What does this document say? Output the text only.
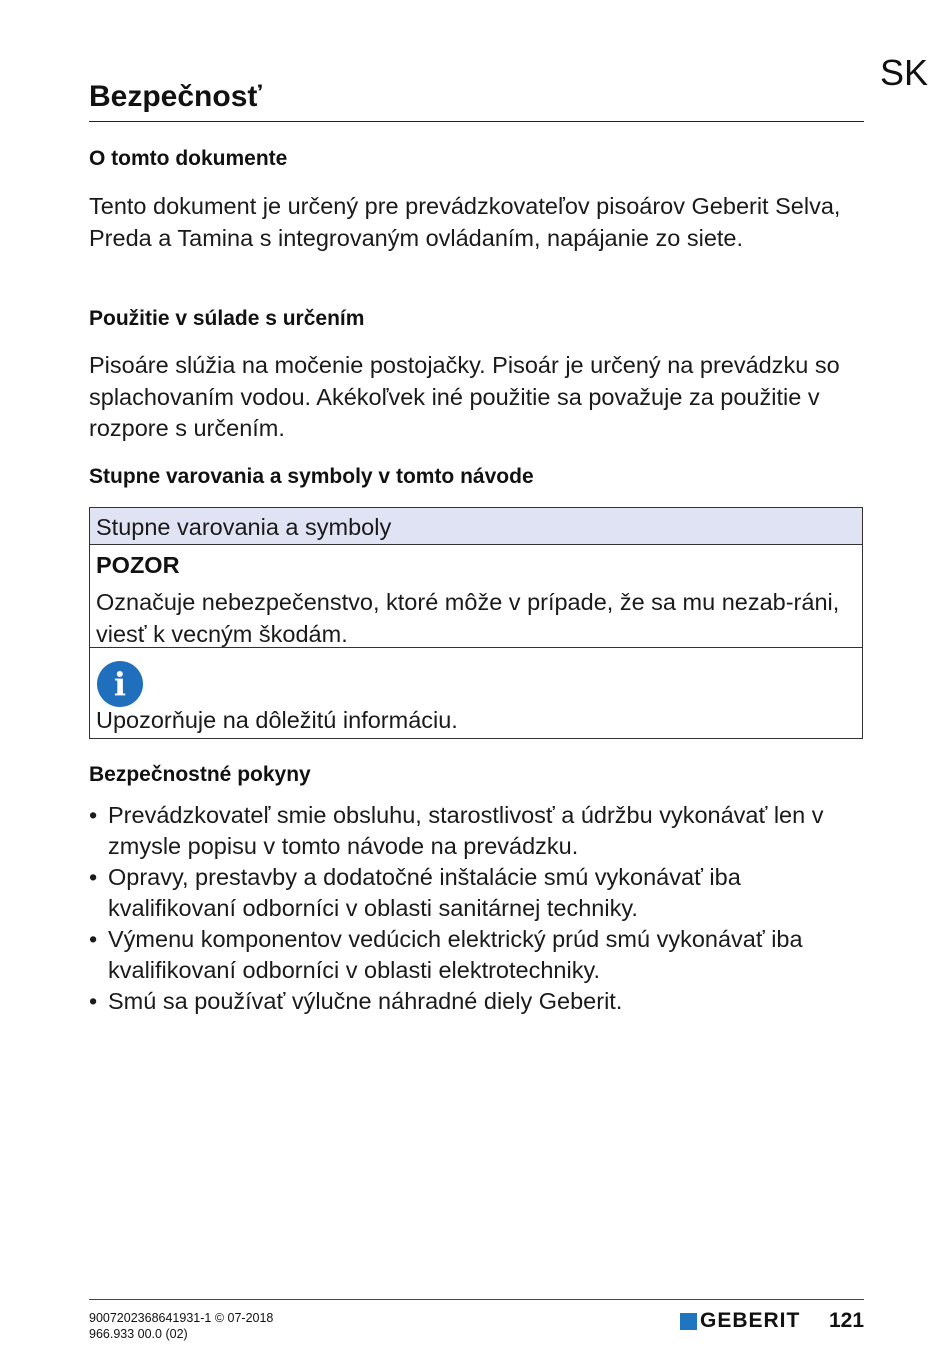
SK
Bezpečnosť
O tomto dokumente
Tento dokument je určený pre prevádzkovateľov pisoárov Geberit Selva, Preda a Tamina s integrovaným ovládaním, napájanie zo siete.
Použitie v súlade s určením
Pisoáre slúžia na močenie postojačky. Pisoár je určený na prevádzku so splachovaním vodou. Akékoľvek iné použitie sa považuje za použitie v rozpore s určením.
Stupne varovania a symboly v tomto návode
Stupne varovania a symboly
POZOR
Označuje nebezpečenstvo, ktoré môže v prípade, že sa mu nezab-ráni, viesť k vecným škodám.
i
Upozorňuje na dôležitú informáciu.
Bezpečnostné pokyny
• Prevádzkovateľ smie obsluhu, starostlivosť a údržbu vykonávať len v zmysle popisu v tomto návode na prevádzku.
• Opravy, prestavby a dodatočné inštalácie smú vykonávať iba kvalifikovaní odborníci v oblasti sanitárnej techniky.
• Výmenu komponentov vedúcich elektrický prúd smú vykonávať iba kvalifikovaní odborníci v oblasti elektrotechniky.
• Smú sa používať výlučne náhradné diely Geberit.
9007202368641931-1 © 07-2018
966.933 00.0 (02)
GEBERIT 121
